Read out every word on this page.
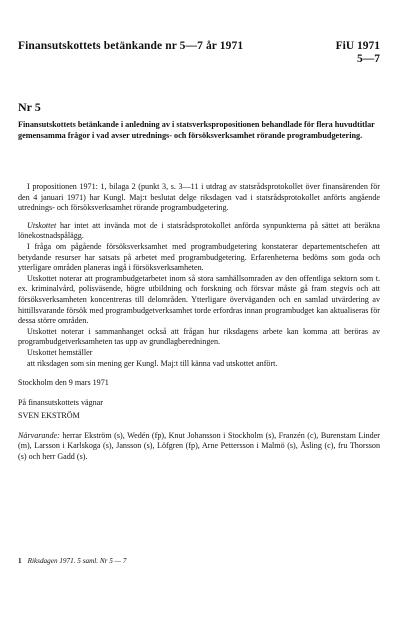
Finansutskottets betänkande nr 5—7 år 1971	FiU 1971
5—7
Nr 5
Finansutskottets betänkande i anledning av i statsverkspropositionen behandlade för flera huvudtitlar gemensamma frågor i vad avser utrednings- och försöksverksamhet rörande programbudgetering.

I propositionen 1971: 1, bilaga 2 (punkt 3, s. 3—11 i utdrag av statsrådsprotokollet över finansärenden för den 4 januari 1971) har Kungl. Maj:t beslutat delge riksdagen vad i statsrådsprotokollet anförts angående utrednings- och försöksverksamhet rörande programbudgetering.

Utskottet har intet att invända mot de i statsrådsprotokollet anförda synpunkterna på sättet att beräkna lönekostnadspålägg.

I fråga om pågående försöksverksamhet med programbudgetering konstaterar departementschefen att betydande resurser har satsats på arbetet med programbudgetering. Erfarenheterna bedöms som goda och ytterligare områden planeras ingå i försöksverksamheten.

Utskottet noterar att programbudgetarbetet inom så stora samhällsomraden av den offentliga sektorn som t. ex. kriminalvård, polisväsende, högre utbildning och forskning och försvar måste gå fram stegvis och att försöksverksamheten koncentreras till delområden. Ytterligare överväganden och en samlad utvärdering av hittillsvarande försök med programbudgetverksamhet torde erfordras innan programbudget kan aktualiseras för dessa större områden.

Utskottet noterar i sammanhanget också att frågan hur riksdagens arbete kan komma att beröras av programbudgetverksamheten tas upp av grundlagberedningen.

Utskottet hemställer

att riksdagen som sin mening ger Kungl. Maj:t till känna vad utskottet anfört.

Stockholm den 9 mars 1971

På finansutskottets vägnar

SVEN EKSTRÖM

Närvarande: herrar Ekström (s), Wedén (fp), Knut Johansson i Stockholm (s), Franzén (c), Burenstam Linder (m), Larsson i Karlskoga (s), Jansson (s), Löfgren (fp), Arne Pettersson i Malmö (s), Åsling (c), fru Thorsson (s) och herr Gadd (s).

1 Riksdagen 1971. 5 saml. Nr 5 — 7
